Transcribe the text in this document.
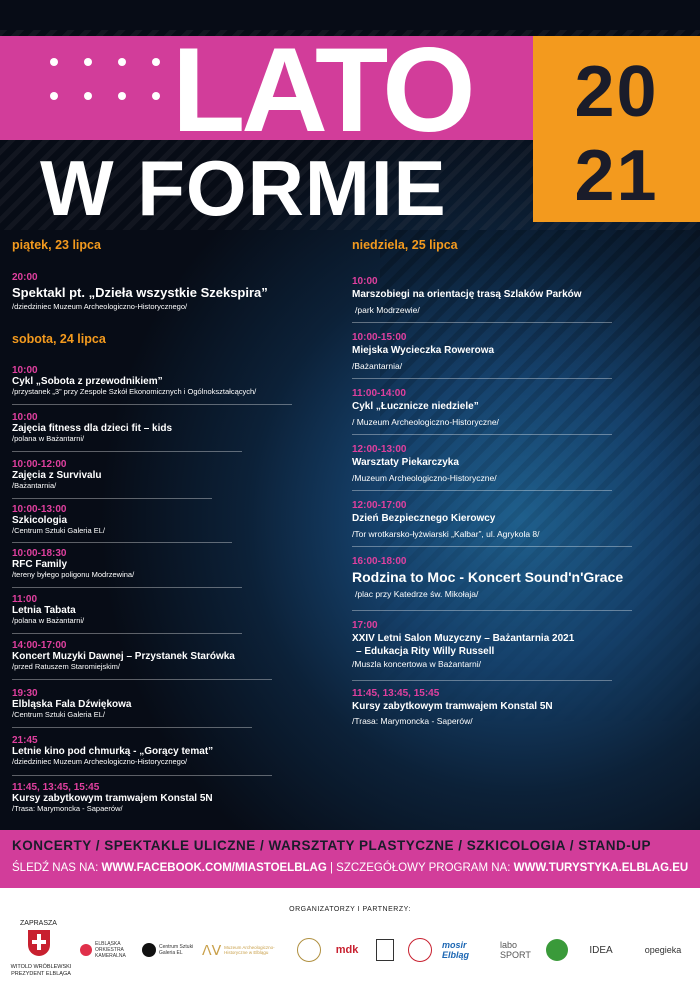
LATO
W FORMIE
20
21
piątek, 23 lipca
20:00
Spektakl pt. „Dzieła wszystkie Szekspira”
/dziedziniec Muzeum Archeologiczno-Historycznego/
sobota, 24 lipca
10:00
Cykl „Sobota z przewodnikiem”
/przystanek „3” przy Zespole Szkół Ekonomicznych i Ogólnokształcących/
10:00
Zajęcia fitness dla dzieci fit – kids
/polana w Bażantarni/
10:00-12:00
Zajęcia z Survivalu
/Bażantarnia/
10:00-13:00
Szkicologia
/Centrum Sztuki Galeria EL/
10:00-18:30
RFC Family
/tereny byłego poligonu Modrzewina/
11:00
Letnia Tabata
/polana w Bażantarni/
14:00-17:00
Koncert Muzyki Dawnej – Przystanek Starówka
/przed Ratuszem Staromiejskim/
19:30
Elbląska Fala Dźwiękowa
/Centrum Sztuki Galeria EL/
21:45
Letnie kino pod chmurką - „Gorący temat”
/dziedziniec Muzeum Archeologiczno-Historycznego/
11:45, 13:45, 15:45
Kursy zabytkowym tramwajem Konstal 5N
/Trasa: Marymoncka - Sapaerów/
niedziela, 25 lipca
10:00
Marszobiegi na orientację trasą Szlaków Parków
/park Modrzewie/
10:00-15:00
Miejska Wycieczka Rowerowa
/Bażantarnia/
11:00-14:00
Cykl „Łucznicze niedziele”
/ Muzeum Archeologiczno-Historyczne/
12:00-13:00
Warsztaty Piekarczyka
/Muzeum Archeologiczno-Historyczne/
12:00-17:00
Dzień Bezpiecznego Kierowcy
/Tor wrotkarsko-łyżwiarski „Kalbar”, ul. Agrykola 8/
16:00-18:00
Rodzina to Moc - Koncert Sound'n'Grace
/plac przy Katedrze św. Mikołaja/
17:00
XXIV Letni Salon Muzyczny – Bażantarnia 2021
– Edukacja Rity Willy Russell
/Muszla koncertowa w Bażantarni/
11:45, 13:45, 15:45
Kursy zabytkowym tramwajem Konstal 5N
/Trasa: Marymoncka - Saperów/
KONCERTY / SPEKTAKLE ULICZNE / WARSZTATY PLASTYCZNE / SZKICOLOGIA / STAND-UP
ŚLEDŹ NAS NA: WWW.FACEBOOK.COM/MIASTOELBLAG | SZCZEGÓŁOWY PROGRAM NA: WWW.TURYSTYKA.ELBLAG.EU
ORGANIZATORZY I PARTNERZY:
ZAPRASZA
WITOLD WRÓBLEWSKI PREZYDENT ELBLĄGA
ELBLĄSKA ORKIESTRA KAMERALNA
Centrum Sztuki Galeria EL	ᐱᐯ Muzeum Archeologiczno-Historyczne w Elblągu	mdk	mosir Elbląg
labo SPORT	IDEA	opegieka
